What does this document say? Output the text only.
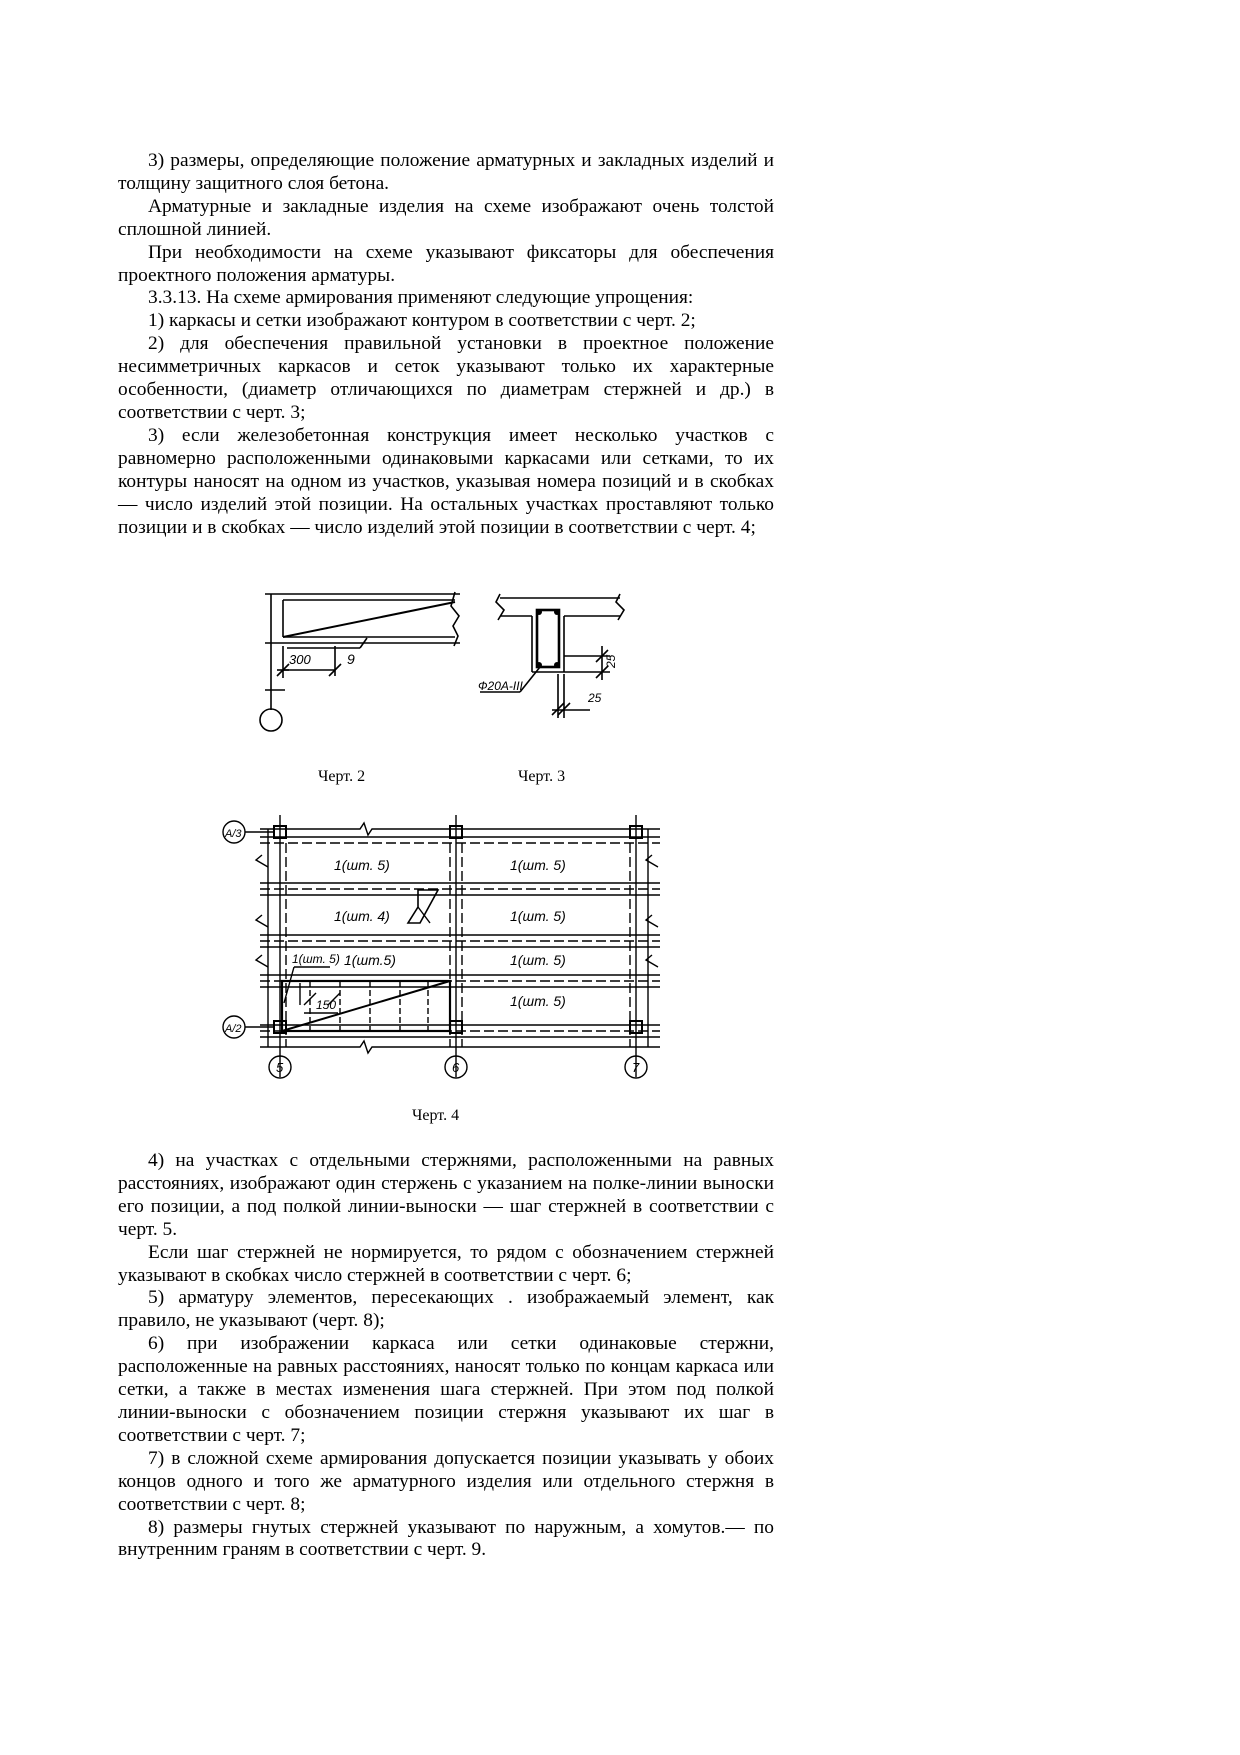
3) размеры, определяющие положение арматурных и закладных изделий и толщину защитного слоя бетона.

Арматурные и закладные изделия на схеме изображают очень толстой сплошной линией.

При необходимости на схеме указывают фиксаторы для обеспечения проектного положения арматуры.

3.3.13. На схеме армирования применяют следующие упрощения:

1) каркасы и сетки изображают контуром в соответствии с черт. 2;

2) для обеспечения правильной установки в проектное положение несимметричных каркасов и сеток указывают только их характерные особенности, (диаметр отличающихся по диаметрам стержней и др.) в соответствии с черт. 3;

3) если железобетонная конструкция имеет несколько участков с равномерно расположенными одинаковыми каркасами или сетками, то их контуры наносят на одном из участков, указывая номера позиций и в скобках — число изделий этой позиции. На остальных участках проставляют только позиции и в скобках — число изделий этой позиции в соответствии с черт. 4;

300	9
Ф20А-III
25
25
Черт. 2	Черт. 3
А/3
А/2
5	6	7
1(шт. 5)
1(шт. 4)
1(шт.5)
1(шт. 5)
1(шт. 5)
1(шт. 5)
1(шт. 5)
1(шт. 5)
150
Черт. 4

4) на участках с отдельными стержнями, расположенными на равных расстояниях, изображают один стержень с указанием на полке-линии выноски его позиции, а под полкой линии-выноски — шаг стержней в соответствии с черт. 5.

Если шаг стержней не нормируется, то рядом с обозначением стержней указывают в скобках число стержней в соответствии с черт. 6;

5) арматуру элементов, пересекающих . изображаемый элемент, как правило, не указывают (черт. 8);

6) при изображении каркаса или сетки одинаковые стержни, расположенные на равных расстояниях, наносят только по концам каркаса или сетки, а также в местах изменения шага стержней. При этом под полкой линии-выноски с обозначением позиции стержня указывают их шаг в соответствии с черт. 7;

7) в сложной схеме армирования допускается позиции указывать у обоих концов одного и того же арматурного изделия или отдельного стержня в соответствии с черт. 8;

8) размеры гнутых стержней указывают по наружным, а хомутов.— по внутренним граням в соответствии с черт. 9.
